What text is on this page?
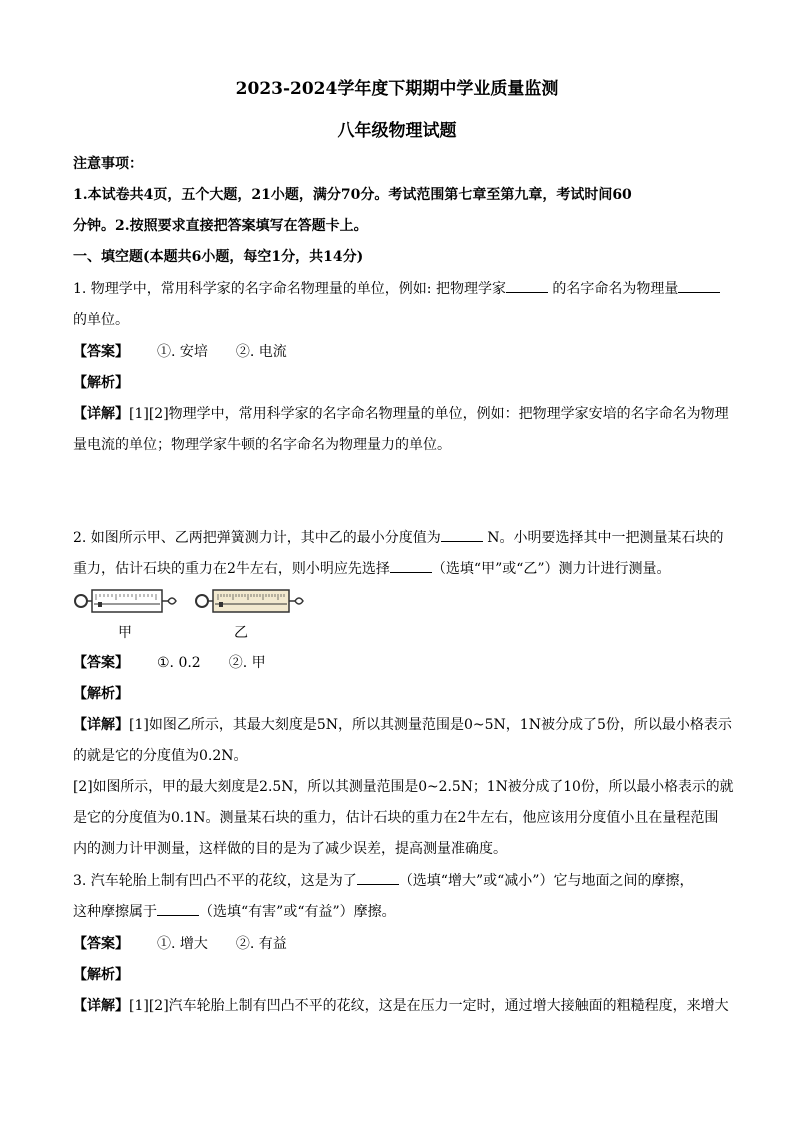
2023-2024学年度下期期中学业质量监测
八年级物理试题
注意事项：
1.本试卷共4页，五个大题，21小题，满分70分。考试范围第七章至第九章，考试时间60
分钟。2.按照要求直接把答案填写在答题卡上。
一、填空题(本题共6小题，每空1分，共14分)
1. 物理学中，常用科学家的名字命名物理量的单位，例如: 把物理学家	的名字命名为物理量
的单位。
【答案】 ①. 安培 ②. 电流
【解析】
【详解】[1][2]物理学中，常用科学家的名字命名物理量的单位，例如：把物理学家安培的名字命名为物理
量电流的单位；物理学家牛顿的名字命名为物理量力的单位。
2. 如图所示甲、乙两把弹簧测力计，其中乙的最小分度值为	N。小明要选择其中一把测量某石块的
重力，估计石块的重力在2牛左右，则小明应先选择	（选填“甲”或“乙”）测力计进行测量。
甲	乙
【答案】 ①. 0.2 ②. 甲
【解析】
【详解】[1]如图乙所示，其最大刻度是5N，所以其测量范围是0~5N，1N被分成了5份，所以最小格表示
的就是它的分度值为0.2N。
[2]如图所示，甲的最大刻度是2.5N，所以其测量范围是0~2.5N；1N被分成了10份，所以最小格表示的就
是它的分度值为0.1N。测量某石块的重力，估计石块的重力在2牛左右，他应该用分度值小且在量程范围
内的测力计甲测量，这样做的目的是为了减少误差，提高测量准确度。
3. 汽车轮胎上制有凹凸不平的花纹，这是为了	（选填“增大”或“减小”）它与地面之间的摩擦，
这种摩擦属于	（选填“有害”或“有益”）摩擦。
【答案】 ①. 增大 ②. 有益
【解析】
【详解】[1][2]汽车轮胎上制有凹凸不平的花纹，这是在压力一定时，通过增大接触面的粗糙程度，来增大
